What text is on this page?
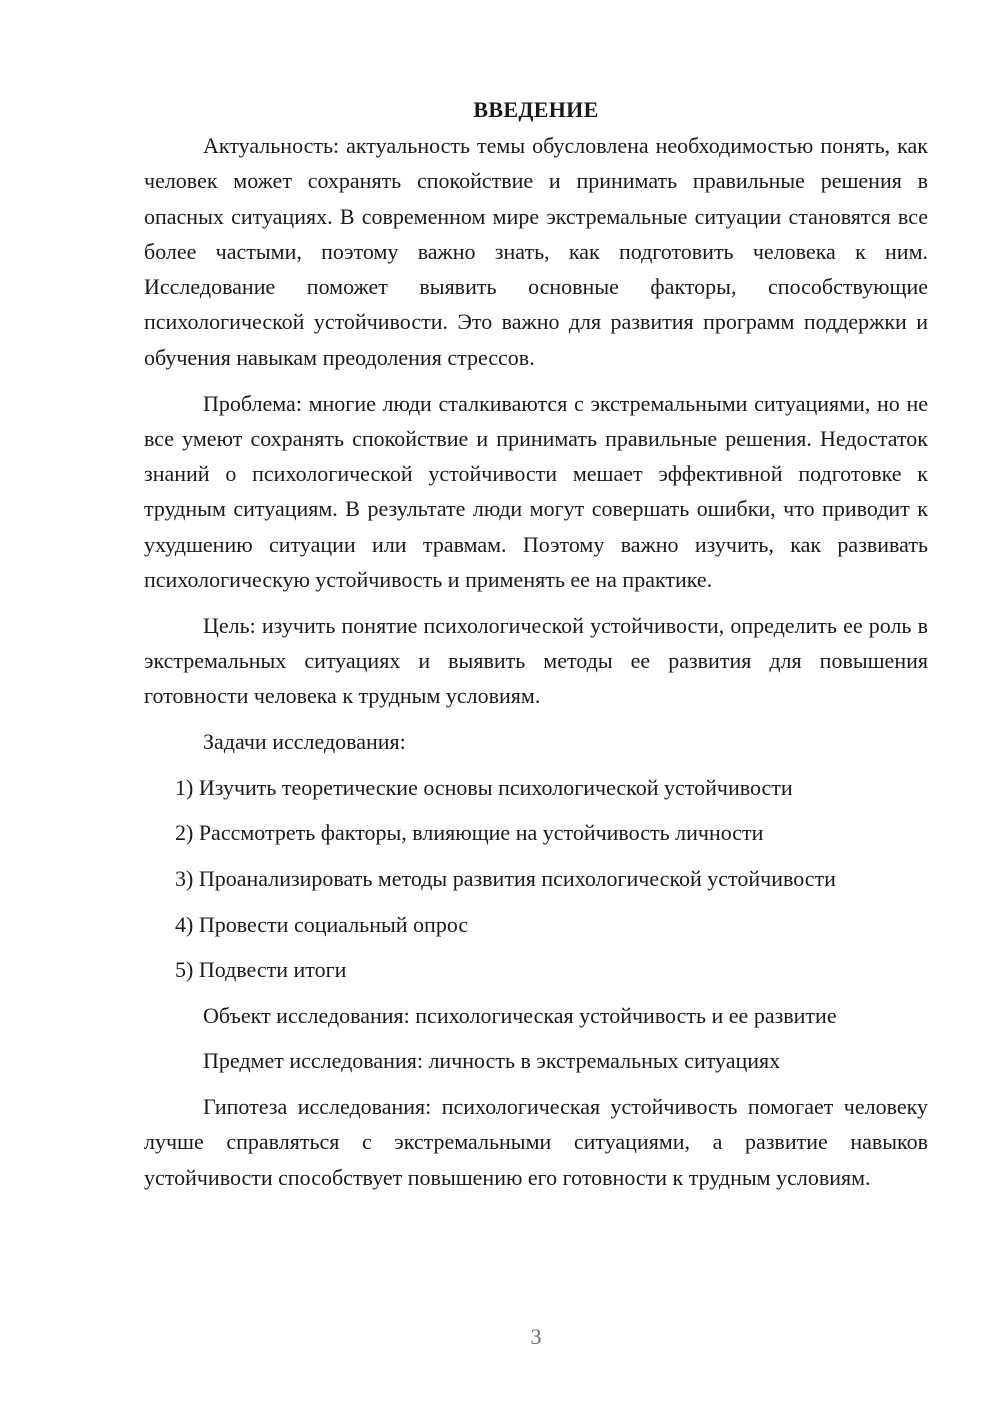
ВВЕДЕНИЕ

Актуальность: актуальность темы обусловлена необходимостью понять, как человек может сохранять спокойствие и принимать правильные решения в опасных ситуациях. В современном мире экстремальные ситуации становятся все более частыми, поэтому важно знать, как подготовить человека к ним. Исследование поможет выявить основные факторы, способствующие психологической устойчивости. Это важно для развития программ поддержки и обучения навыкам преодоления стрессов.

Проблема: многие люди сталкиваются с экстремальными ситуациями, но не все умеют сохранять спокойствие и принимать правильные решения. Недостаток знаний о психологической устойчивости мешает эффективной подготовке к трудным ситуациям. В результате люди могут совершать ошибки, что приводит к ухудшению ситуации или травмам. Поэтому важно изучить, как развивать психологическую устойчивость и применять ее на практике.

Цель: изучить понятие психологической устойчивости, определить ее роль в экстремальных ситуациях и выявить методы ее развития для повышения готовности человека к трудным условиям.

Задачи исследования:

1) Изучить теоретические основы психологической устойчивости

2) Рассмотреть факторы, влияющие на устойчивость личности

3) Проанализировать методы развития психологической устойчивости

4) Провести социальный опрос

5) Подвести итоги

Объект исследования: психологическая устойчивость и ее развитие

Предмет исследования: личность в экстремальных ситуациях

Гипотеза исследования: психологическая устойчивость помогает человеку лучше справляться с экстремальными ситуациями, а развитие навыков устойчивости способствует повышению его готовности к трудным условиям.

3
